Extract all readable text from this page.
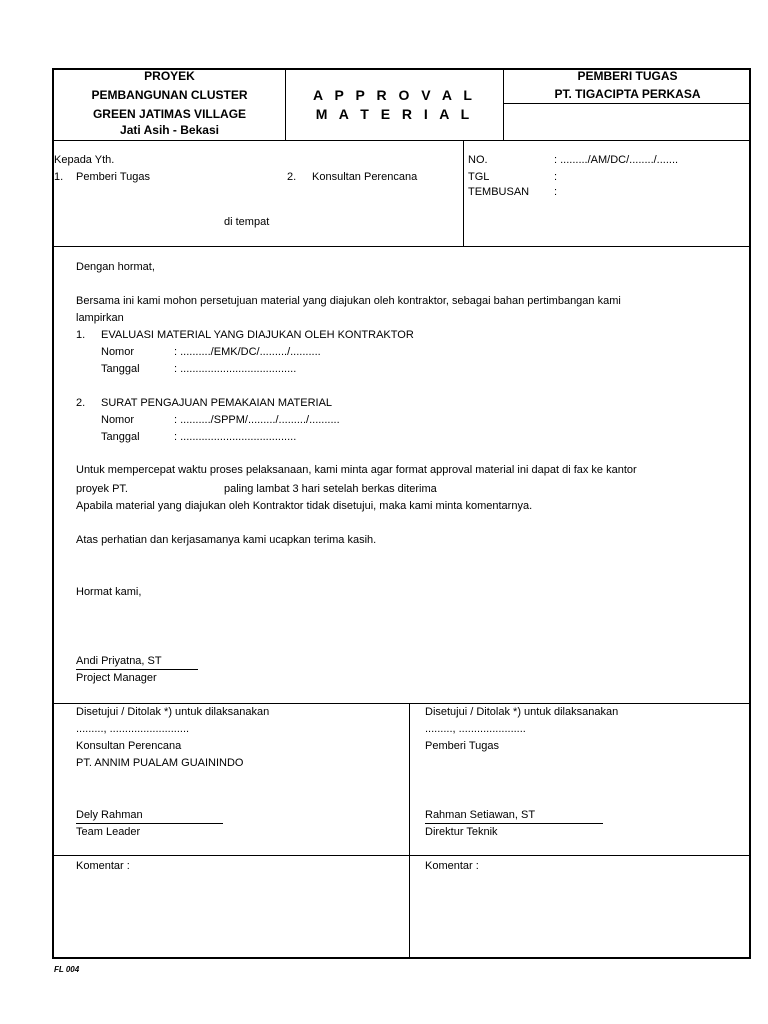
PROYEK
PEMBANGUNAN CLUSTER
GREEN JATIMAS VILLAGE
Jati Asih - Bekasi
A P P R O V A L
M A T E R I A L
PEMBERI TUGAS
PT. TIGACIPTA PERKASA
Kepada Yth.
1. Pemberi Tugas	2. Konsultan Perencana
di tempat
NO.	: ........./AM/DC/......../.......
TGL	:
TEMBUSAN :
Dengan hormat,
Bersama ini kami mohon persetujuan material yang diajukan oleh kontraktor, sebagai bahan pertimbangan kami
lampirkan
1. EVALUASI MATERIAL YANG DIAJUKAN OLEH KONTRAKTOR
Nomor	: ........../EMK/DC/........./..........
Tanggal	: ......................................
2. SURAT PENGAJUAN PEMAKAIAN MATERIAL
Nomor	: ........../SPPM/........./........./..........
Tanggal	: ......................................
Untuk mempercepat waktu proses pelaksanaan, kami minta agar format approval material ini dapat di fax ke kantor
proyek PT.	paling lambat 3 hari setelah berkas diterima
Apabila material yang diajukan oleh Kontraktor tidak disetujui, maka kami minta komentarnya.
Atas perhatian dan kerjasamanya kami ucapkan terima kasih.
Hormat kami,
Andi Priyatna, ST
Project Manager
Disetujui / Ditolak *) untuk dilaksanakan
........., ..........................
Konsultan Perencana
PT. ANNIM PUALAM GUAININDO
Dely Rahman
Team Leader
Disetujui / Ditolak *) untuk dilaksanakan
........., ......................
Pemberi Tugas
Rahman Setiawan, ST
Direktur Teknik
Komentar :	Komentar :
FL 004
